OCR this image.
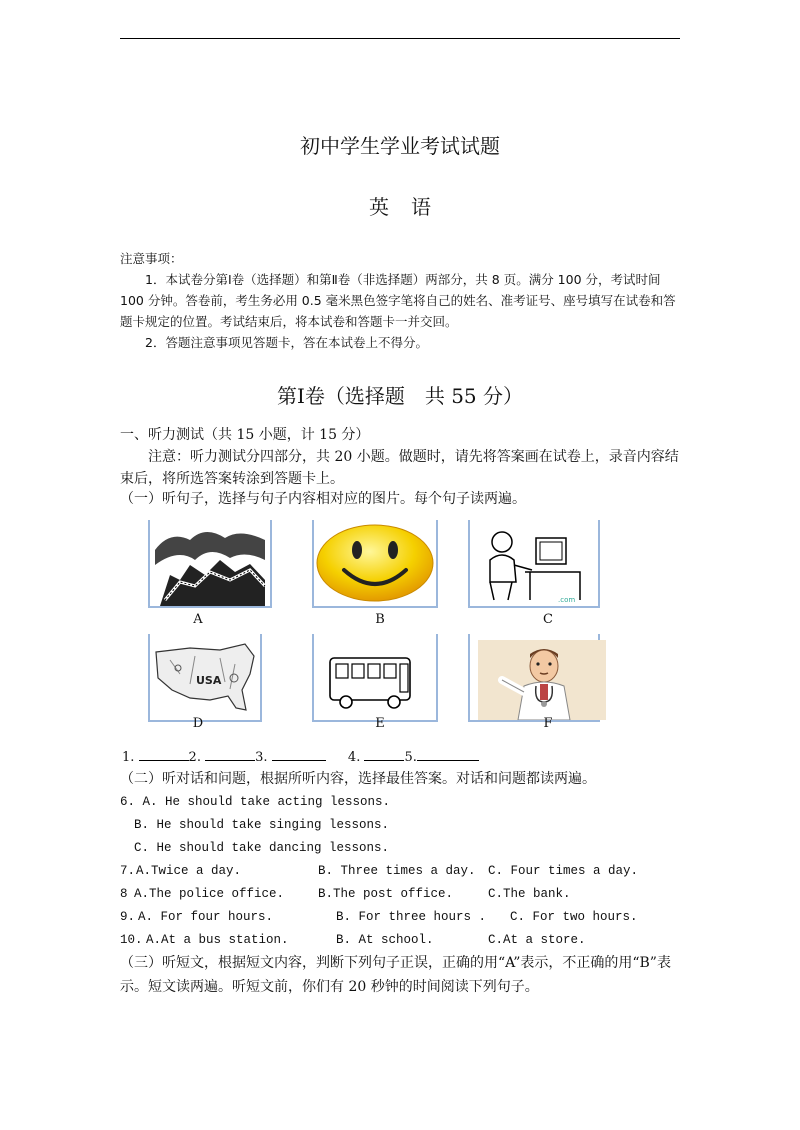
初中学生学业考试试题
英语

注意事项：

1．本试卷分第Ⅰ卷（选择题）和第Ⅱ卷（非选择题）两部分，共 8 页。满分 100 分，考试时间 100 分钟。答卷前，考生务必用 0.5 毫米黑色签字笔将自己的姓名、准考证号、座号填写在试卷和答题卡规定的位置。考试结束后，将本试卷和答题卡一并交回。

2．答题注意事项见答题卡，答在本试卷上不得分。

第Ⅰ卷（选择题　共 55 分）
一、听力测试（共 15 小题，计 15 分）
注意：听力测试分四部分，共 20 小题。做题时，请先将答案画在试卷上，录音内容结束后，将所选答案转涂到答题卡上。
（一）听句子，选择与句子内容相对应的图片。每个句子读两遍。
A	B
.com
C
USA
D	E	F
1.	2.	3.	4.	5.
（二）听对话和问题，根据所听内容，选择最佳答案。对话和问题都读两遍。
6. A. He should take acting lessons.
B. He should take singing lessons.
C. He should take dancing lessons.
7. A.Twice a day.	B. Three times a day. C. Four times a day.
8 A.The police office.	B.The post office.	C.The bank.
9. A. For four hours.	B. For three hours .	C. For two hours.
10. A.At a bus station.	B. At school.	C.At a store.
（三）听短文，根据短文内容，判断下列句子正误，正确的用“A”表示，不正确的用“B”表示。短文读两遍。听短文前，你们有 20 秒钟的时间阅读下列句子。
